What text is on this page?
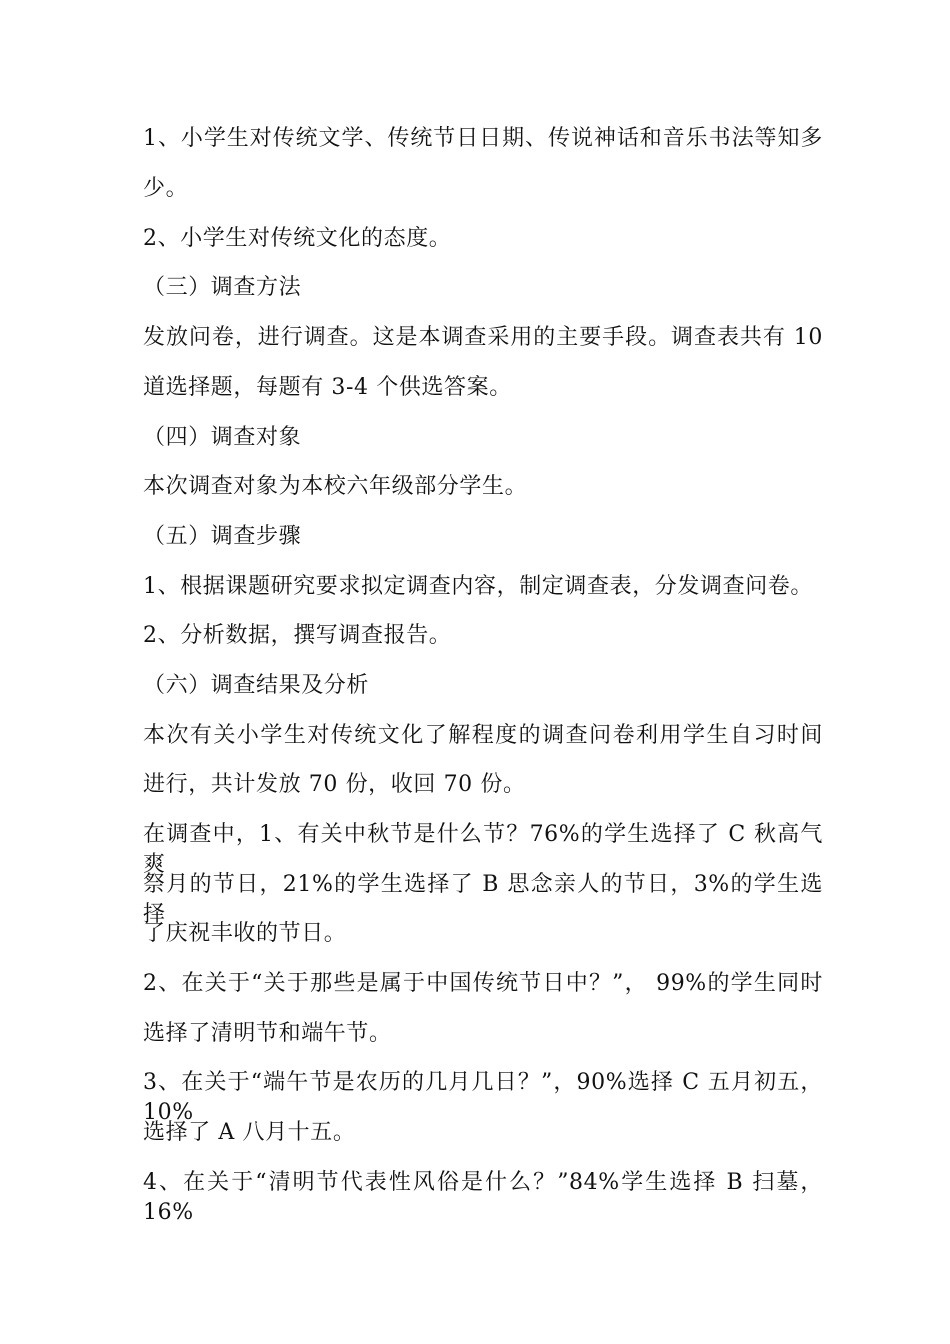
1、小学生对传统文学、传统节日日期、传说神话和音乐书法等知多
少。
2、小学生对传统文化的态度。
（三）调查方法
发放问卷，进行调查。这是本调查采用的主要手段。调查表共有 10
道选择题，每题有 3-4 个供选答案。
（四）调查对象
本次调查对象为本校六年级部分学生。
（五）调查步骤
1、根据课题研究要求拟定调查内容，制定调查表，分发调查问卷。
2、分析数据，撰写调查报告。
（六）调查结果及分析
本次有关小学生对传统文化了解程度的调查问卷利用学生自习时间
进行，共计发放 70 份，收回 70 份。
在调查中，1、有关中秋节是什么节？76%的学生选择了 C 秋高气爽
祭月的节日，21%的学生选择了 B 思念亲人的节日，3%的学生选择
了庆祝丰收的节日。
2、在关于“关于那些是属于中国传统节日中？”， 99%的学生同时
选择了清明节和端午节。
3、在关于“端午节是农历的几月几日？”，90%选择 C 五月初五，10%
选择了 A 八月十五。
4、在关于“清明节代表性风俗是什么？”84%学生选择 B 扫墓，16%
